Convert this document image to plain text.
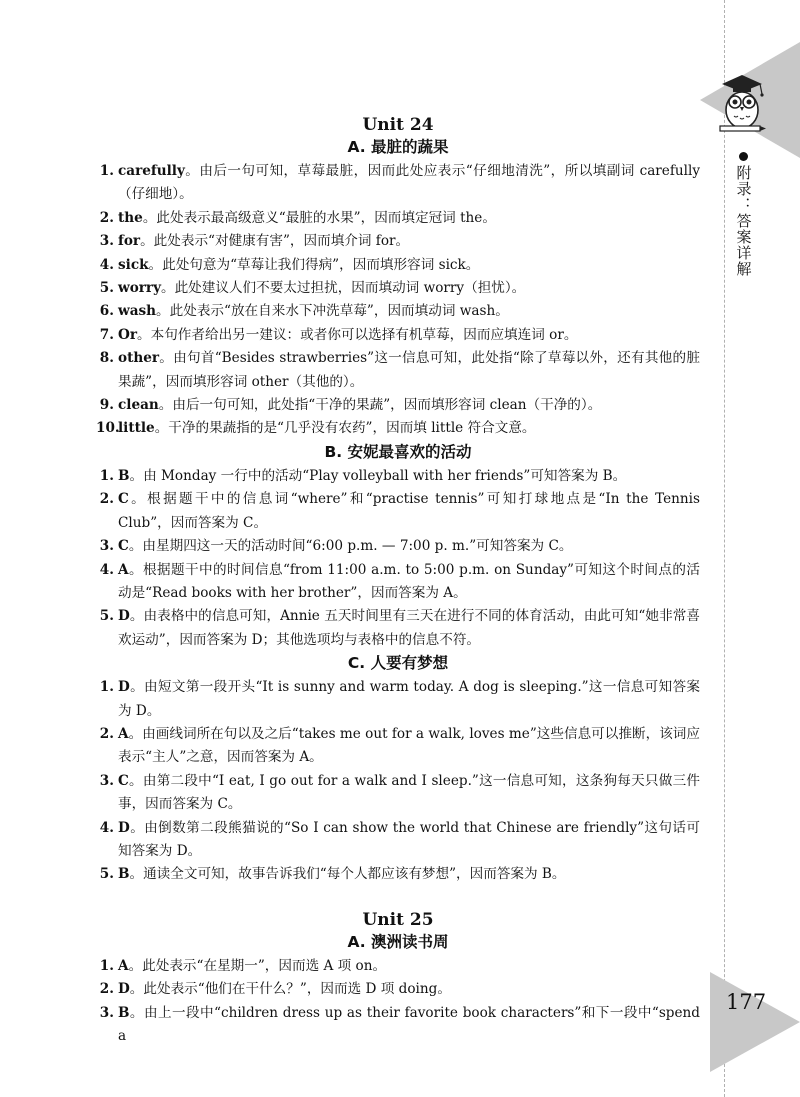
附录：答案详解
177
Unit 24
A. 最脏的蔬果
1. carefully。由后一句可知，草莓最脏，因而此处应表示“仔细地清洗”，所以填副词 carefully（仔细地）。
2. the。此处表示最高级意义“最脏的水果”，因而填定冠词 the。
3. for。此处表示“对健康有害”，因而填介词 for。
4. sick。此处句意为“草莓让我们得病”，因而填形容词 sick。
5. worry。此处建议人们不要太过担扰，因而填动词 worry（担忧）。
6. wash。此处表示“放在自来水下冲洗草莓”，因而填动词 wash。
7. Or。本句作者给出另一建议：或者你可以选择有机草莓，因而应填连词 or。
8. other。由句首“Besides strawberries”这一信息可知，此处指“除了草莓以外，还有其他的脏果蔬”，因而填形容词 other（其他的）。
9. clean。由后一句可知，此处指“干净的果蔬”，因而填形容词 clean（干净的）。
10.
little。干净的果蔬指的是“几乎没有农药”，因而填 little 符合文意。
B. 安妮最喜欢的活动
1. B。由 Monday 一行中的活动“Play volleyball with her friends”可知答案为 B。
2. C。根据题干中的信息词“where”和“practise tennis”可知打球地点是“In the Tennis Club”，因而答案为 C。
3. C。由星期四这一天的活动时间“6:00 p.m. — 7:00 p. m.”可知答案为 C。
4. A。根据题干中的时间信息“from 11:00 a.m. to 5:00 p.m. on Sunday”可知这个时间点的活动是“Read books with her brother”，因而答案为 A。
5. D。由表格中的信息可知，Annie 五天时间里有三天在进行不同的体育活动，由此可知“她非常喜欢运动”，因而答案为 D；其他选项均与表格中的信息不符。
C. 人要有梦想
1. D。由短文第一段开头“It is sunny and warm today. A dog is sleeping.”这一信息可知答案为 D。
2. A。由画线词所在句以及之后“takes me out for a walk, loves me”这些信息可以推断，该词应表示“主人”之意，因而答案为 A。
3. C。由第二段中“I eat, I go out for a walk and I sleep.”这一信息可知，这条狗每天只做三件事，因而答案为 C。
4. D。由倒数第二段熊猫说的“So I can show the world that Chinese are friendly”这句话可知答案为 D。
5. B。通读全文可知，故事告诉我们“每个人都应该有梦想”，因而答案为 B。
Unit 25
A. 澳洲读书周
1. A。此处表示“在星期一”，因而选 A 项 on。
2. D。此处表示“他们在干什么？”，因而选 D 项 doing。
3. B。由上一段中“children dress up as their favorite book characters”和下一段中“spend a
